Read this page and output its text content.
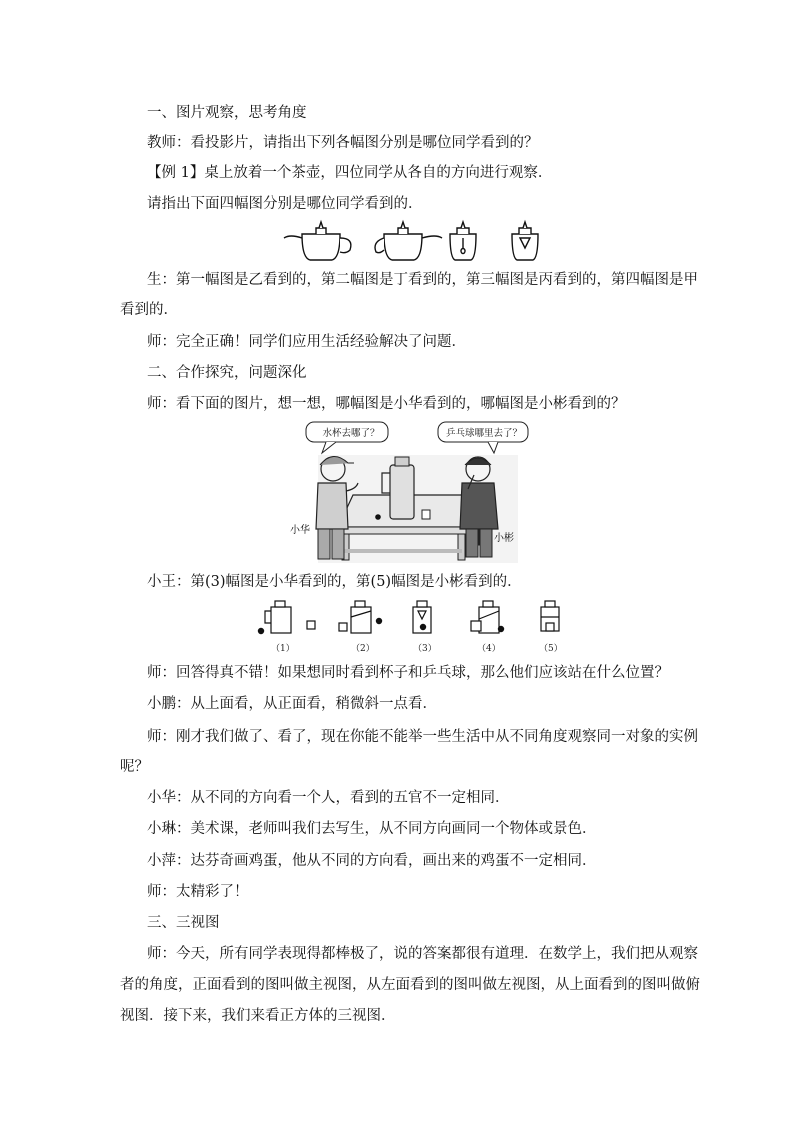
一、图片观察，思考角度
教师：看投影片，请指出下列各幅图分别是哪位同学看到的？
【例 1】桌上放着一个茶壶，四位同学从各自的方向进行观察．
请指出下面四幅图分别是哪位同学看到的．
生：第一幅图是乙看到的，第二幅图是丁看到的，第三幅图是丙看到的，第四幅图是甲
看到的．
师：完全正确！同学们应用生活经验解决了问题．
二、合作探究，问题深化
师：看下面的图片，想一想，哪幅图是小华看到的，哪幅图是小彬看到的？
水杯去哪了？	乒乓球哪里去了？
小华
小彬
小王：第(3)幅图是小华看到的，第(5)幅图是小彬看到的．
（1）	（2）	（3）	（4）	（5）
师：回答得真不错！如果想同时看到杯子和乒乓球，那么他们应该站在什么位置？
小鹏：从上面看，从正面看，稍微斜一点看．
师：刚才我们做了、看了，现在你能不能举一些生活中从不同角度观察同一对象的实例
呢？
小华：从不同的方向看一个人，看到的五官不一定相同．
小琳：美术课，老师叫我们去写生，从不同方向画同一个物体或景色．
小萍：达芬奇画鸡蛋，他从不同的方向看，画出来的鸡蛋不一定相同．
师：太精彩了！
三、三视图
师：今天，所有同学表现得都棒极了，说的答案都很有道理．在数学上，我们把从观察
者的角度，正面看到的图叫做主视图，从左面看到的图叫做左视图，从上面看到的图叫做俯
视图．接下来，我们来看正方体的三视图．
